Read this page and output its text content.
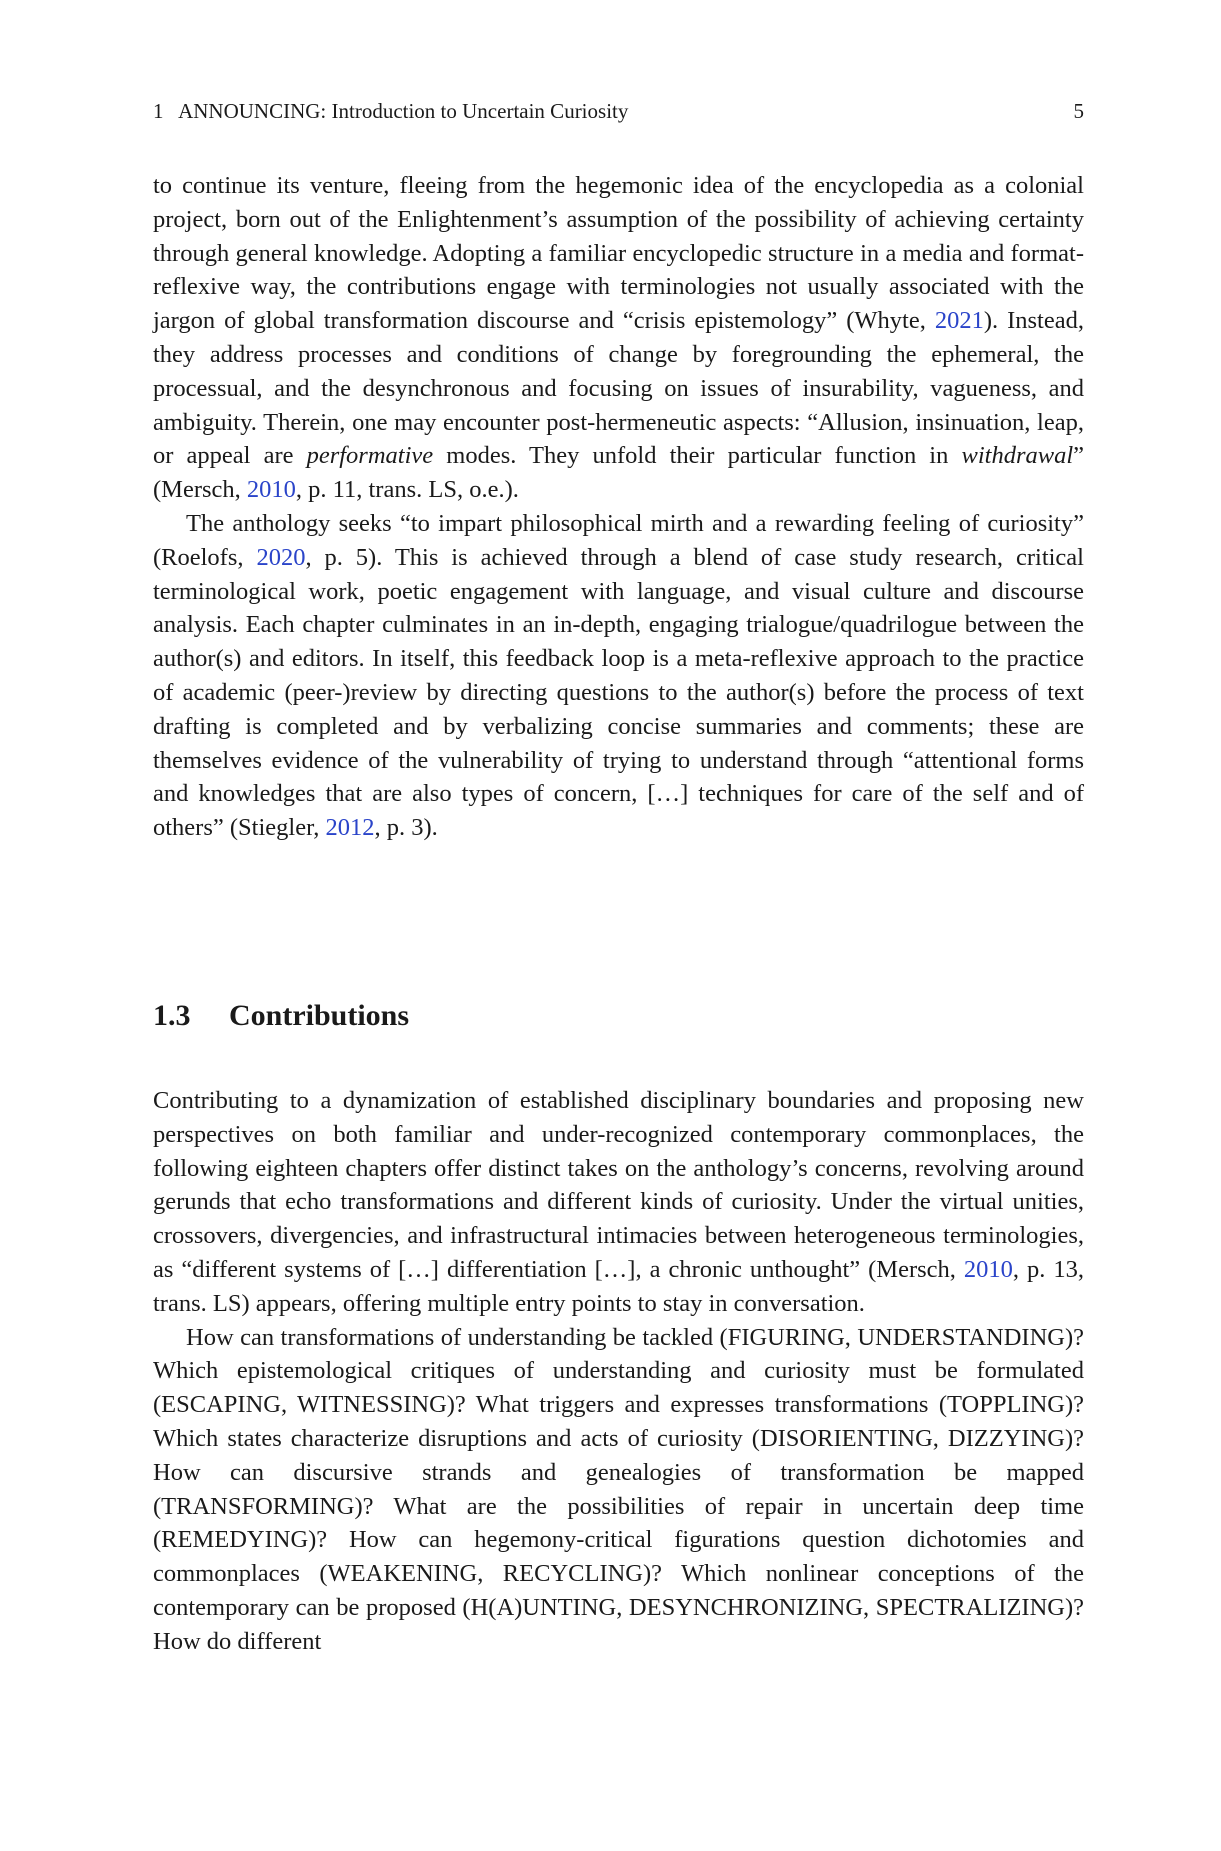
1   ANNOUNCING: Introduction to Uncertain Curiosity	5

to continue its venture, fleeing from the hegemonic idea of the encyclopedia as a colonial project, born out of the Enlightenment’s assumption of the possibility of achieving certainty through general knowledge. Adopting a familiar encyclopedic structure in a media and format-reflexive way, the contributions engage with terminologies not usually associated with the jargon of global transformation discourse and “crisis epistemology” (Whyte, 2021). Instead, they address processes and conditions of change by foregrounding the ephemeral, the processual, and the desynchronous and focusing on issues of insurability, vagueness, and ambiguity. Therein, one may encounter post-hermeneutic aspects: “Allusion, insinuation, leap, or appeal are performative modes. They unfold their particular function in withdrawal” (Mersch, 2010, p. 11, trans. LS, o.e.).

The anthology seeks “to impart philosophical mirth and a rewarding feeling of curiosity” (Roelofs, 2020, p. 5). This is achieved through a blend of case study research, critical terminological work, poetic engagement with language, and visual culture and discourse analysis. Each chapter culminates in an in-depth, engaging trialogue/quadrilogue between the author(s) and editors. In itself, this feedback loop is a meta-reflexive approach to the practice of academic (peer-)review by directing questions to the author(s) before the process of text drafting is completed and by verbalizing concise summaries and comments; these are themselves evidence of the vulnerability of trying to understand through “attentional forms and knowledges that are also types of concern, […] techniques for care of the self and of others” (Stiegler, 2012, p. 3).

1.3 Contributions

Contributing to a dynamization of established disciplinary boundaries and proposing new perspectives on both familiar and under-recognized contemporary commonplaces, the following eighteen chapters offer distinct takes on the anthology’s concerns, revolving around gerunds that echo transformations and different kinds of curiosity. Under the virtual unities, crossovers, divergencies, and infrastructural intimacies between heterogeneous terminologies, as “different systems of […] differentiation […], a chronic unthought” (Mersch, 2010, p. 13, trans. LS) appears, offering multiple entry points to stay in conversation.

How can transformations of understanding be tackled (FIGURING, UNDERSTANDING)? Which epistemological critiques of understanding and curiosity must be formulated (ESCAPING, WITNESSING)? What triggers and expresses transformations (TOPPLING)? Which states characterize disruptions and acts of curiosity (DISORIENTING, DIZZYING)? How can discursive strands and genealogies of transformation be mapped (TRANSFORMING)? What are the possibilities of repair in uncertain deep time (REMEDYING)? How can hegemony-critical figurations question dichotomies and commonplaces (WEAKENING, RECYCLING)? Which nonlinear conceptions of the contemporary can be proposed (H(A)UNTING, DESYNCHRONIZING, SPECTRALIZING)? How do different
